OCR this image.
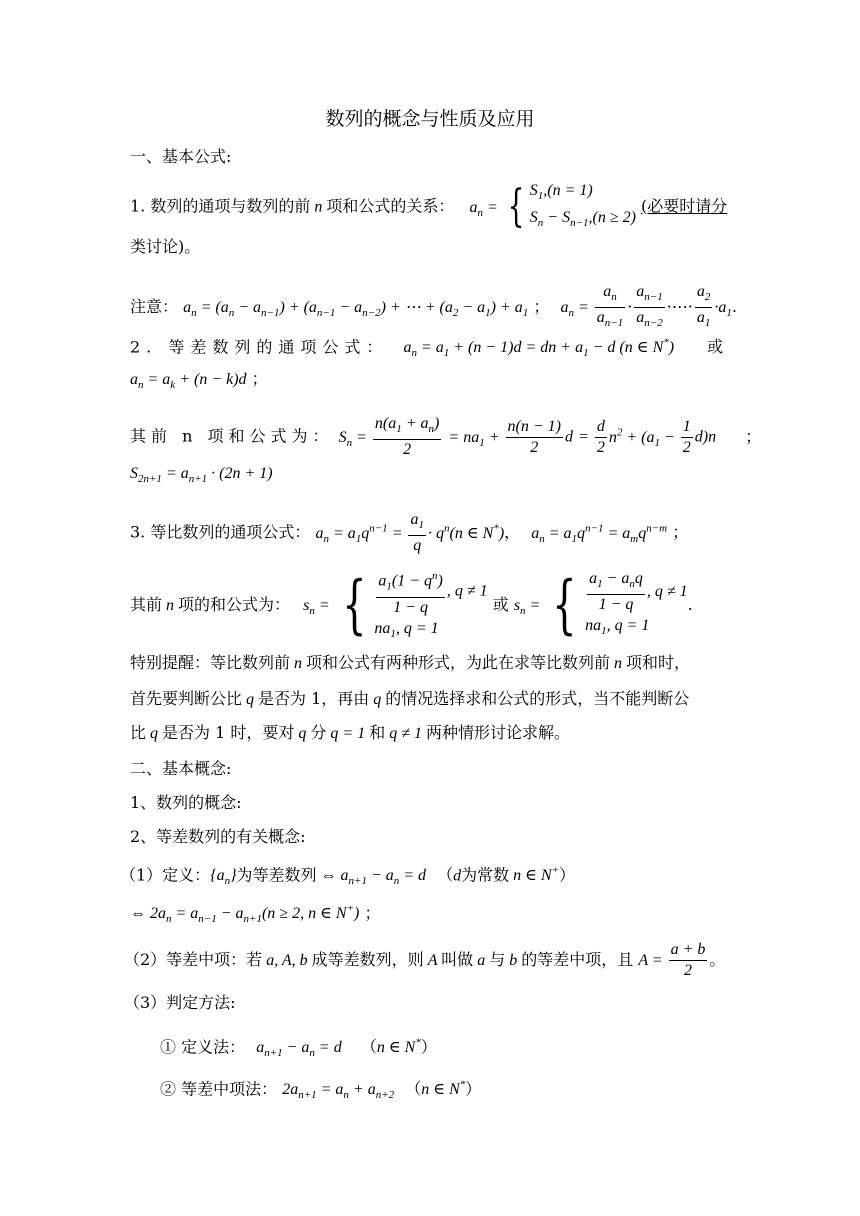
数列的概念与性质及应用
一、基本公式:
1. 数列的通项与数列的前 n 项和公式的关系： $a_n$ = { $S_1,(n = 1)$
$S_n - S_{n-1},(n \ge 2)$
(必要时请分
类讨论)。
注意： $a_n = (a_n - a_{n-1}) + (a_{n-1} - a_{n-2})$ + ⋯ + $(a_2 - a_1) + a_1$ ； $a_n = \frac{a_n}{a_{n-1}} \cdot \frac{a_{n-1}}{a_{n-2}}$ ·⋯· $\frac{a_2}{a_1} \cdot a_1$.
2. 等差数列的通项公式： $a_n = a_1 + (n - 1)d$ = dn + $a_1 - d$ (n ∈ N*) 或
$a_n = a_k + (n - k)d$ ；
其前 n 项和公式为： $S_n = \frac{n(a_1 + a_n)}{2} = na_1 + \frac{n(n - 1)}{2}$ $d = \frac{d}{2} n^2 + (a_1 - \frac{1}{2} d)n$ ；
$S_{2n+1} = a_{n+1} \cdot (2n + 1)$
3. 等比数列的通项公式： $a_n = a_1q^{n-1} = \frac{a_1}{q} \cdot q^n(n$ ∈ N*)， $a_n = a_1q^{n-1} = a_mq^{n-m}$ ；
其前 n 项的和公式为： $s_n$ = { $\frac{a_1(1 - q^n)}{1 - q}$ , q ≠ 1
$na_1$, q = 1
或 $s_n$ = { $\frac{a_1 - a_nq}{1 - q}$ , q ≠ 1
$na_1$, q = 1
.
特别提醒：等比数列前 n 项和公式有两种形式，为此在求等比数列前 n 项和时，
首先要判断公比 q 是否为 1，再由 q 的情况选择求和公式的形式，当不能判断公
比 q 是否为 1 时，要对 q 分 q = 1 和 q ≠ 1 两种情形讨论求解。
二、基本概念:
1、数列的概念:
2、等差数列的有关概念:
（1）定义：$\{a_n\}$为等差数列 ⇔ $a_{n+1} - a_n = d$ （d为常数 n ∈ N+）
⇔ $2a_n = a_{n-1} - a_{n+1}(n \ge 2$, n ∈ N+) ；
（2）等差中项：若 a, A, b 成等差数列，则 A 叫做 a 与 b 的等差中项，且 $A = \frac{a + b}{2}$ 。
（3）判定方法:
① 定义法： $a_{n+1} - a_n = d$ （n ∈ N*）
② 等差中项法： $2a_{n+1} = a_n + a_{n+2}$ （n ∈ N*）
